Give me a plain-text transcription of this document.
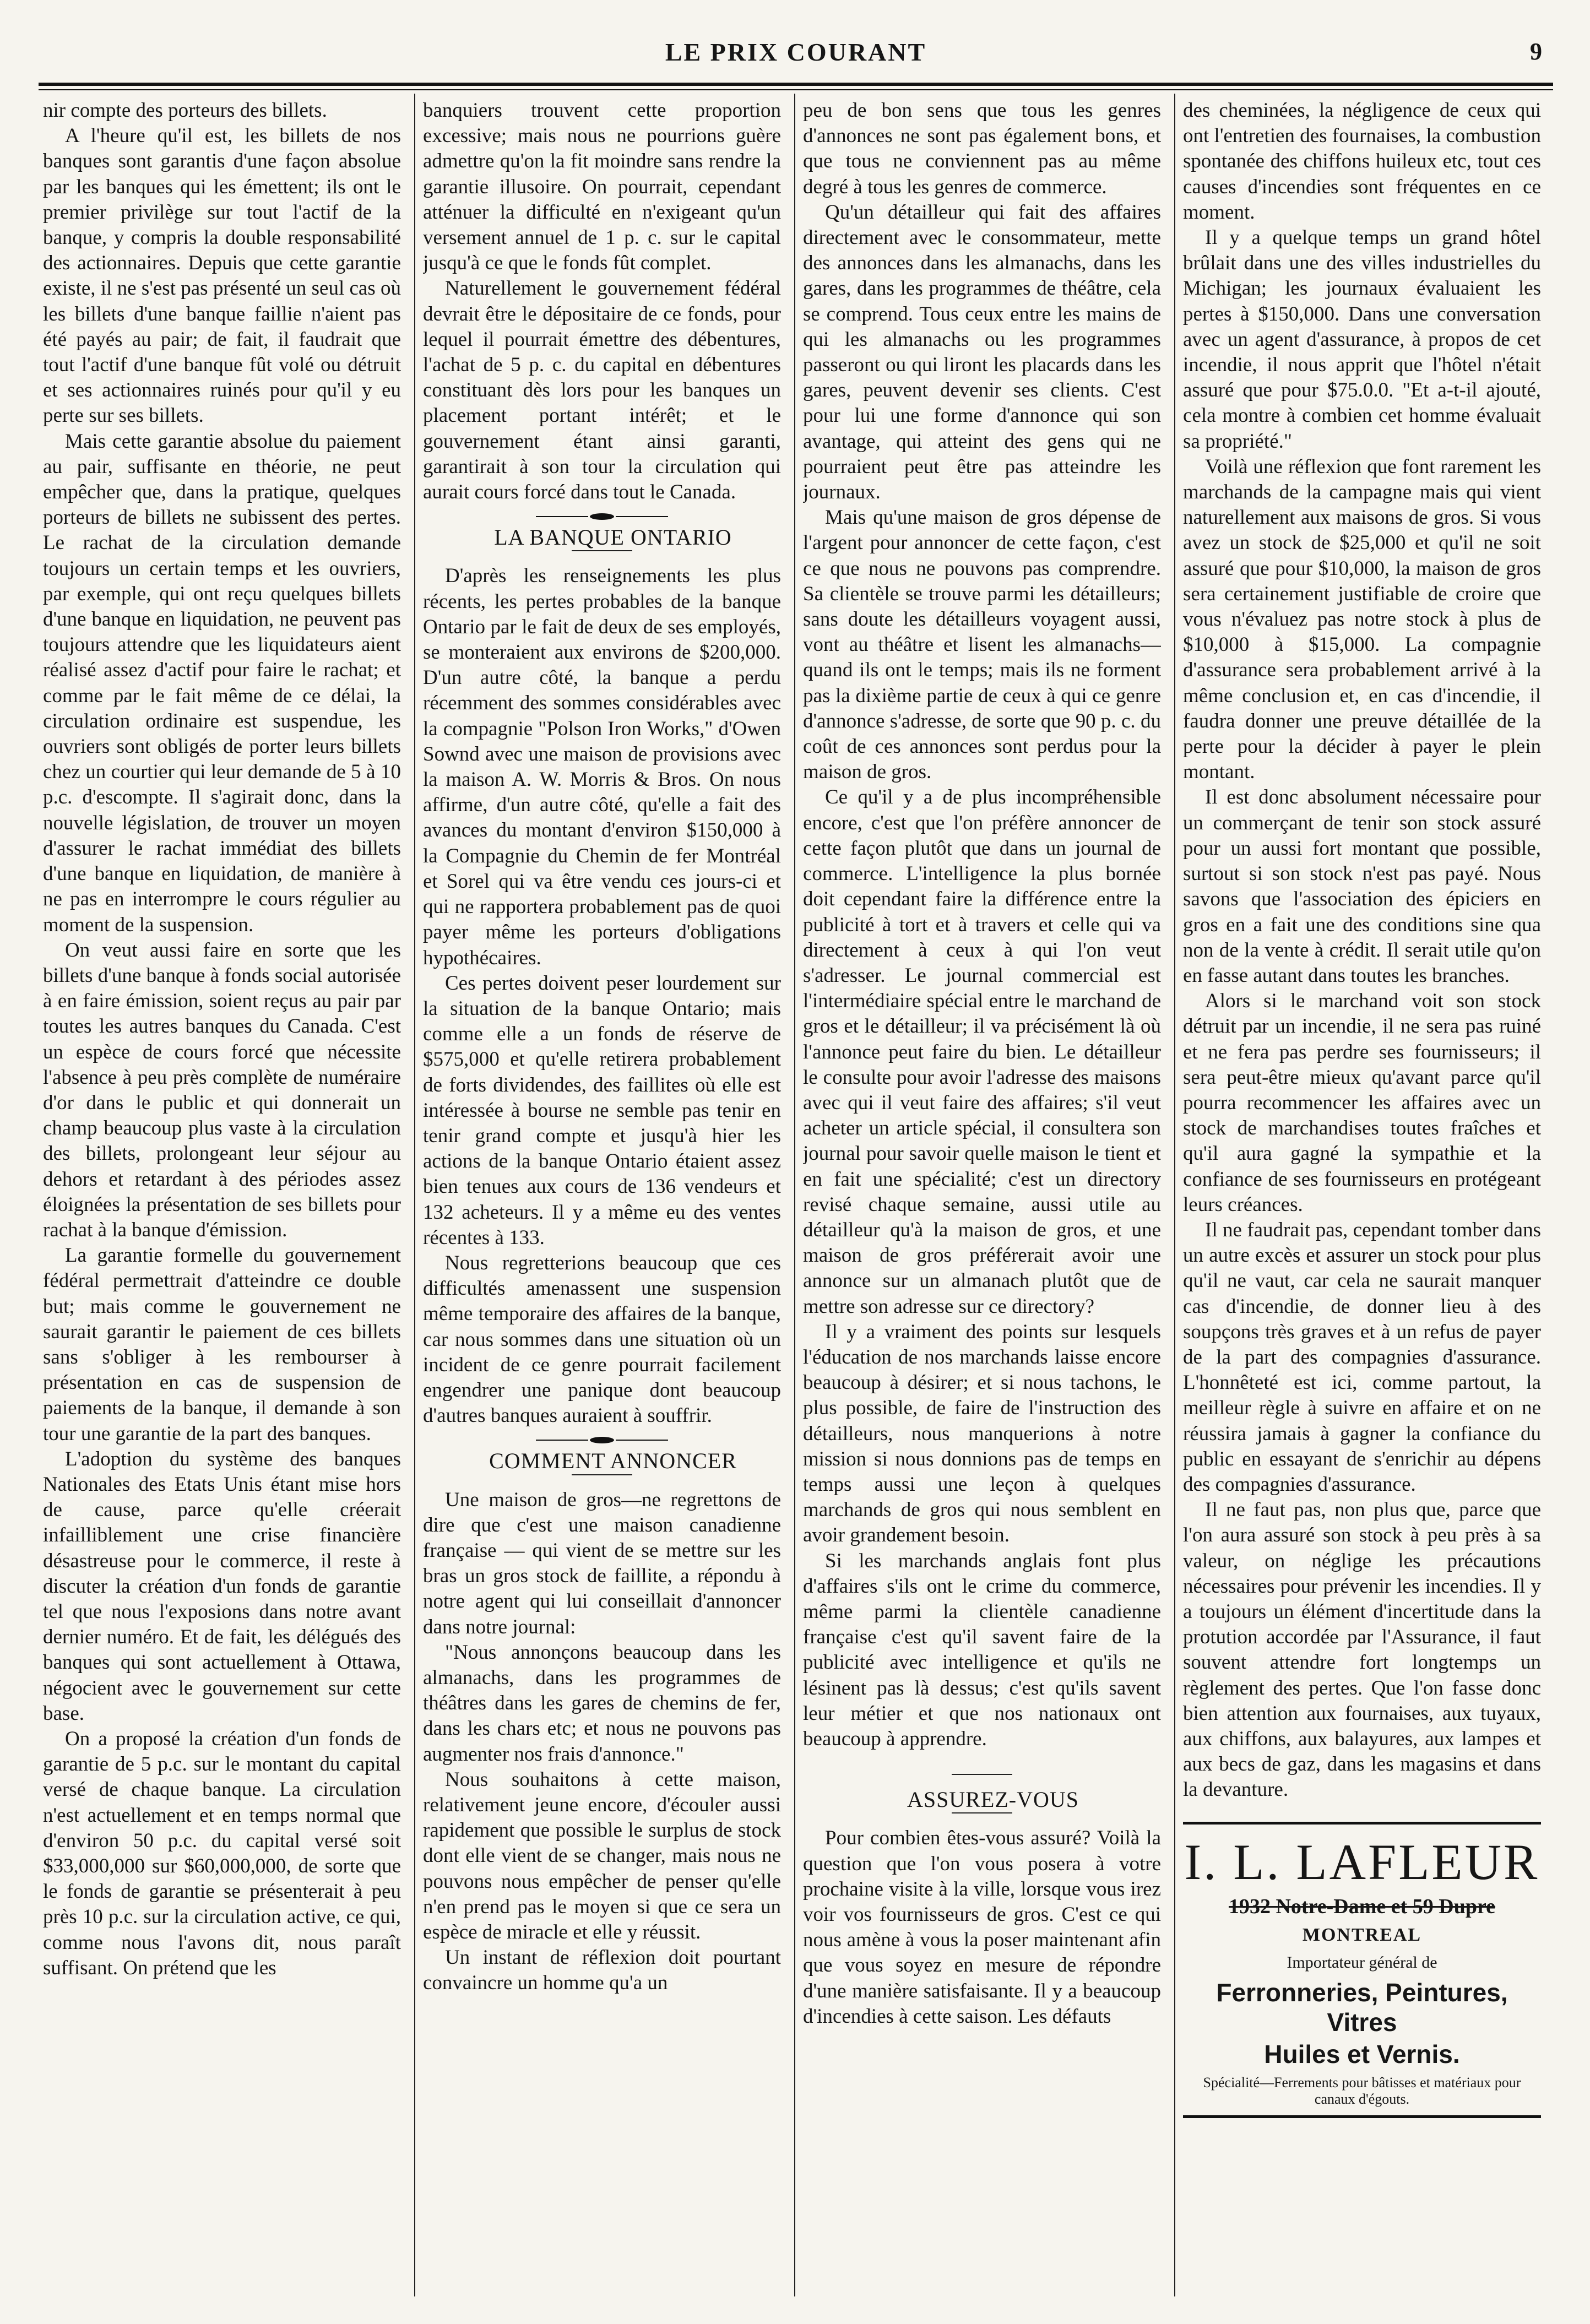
LE PRIX COURANT	9

nir compte des porteurs des billets.

A l'heure qu'il est, les billets de nos banques sont garantis d'une façon absolue par les banques qui les émettent; ils ont le premier privilège sur tout l'actif de la banque, y compris la double responsabilité des actionnaires. Depuis que cette garantie existe, il ne s'est pas présenté un seul cas où les billets d'une banque faillie n'aient pas été payés au pair; de fait, il faudrait que tout l'actif d'une banque fût volé ou détruit et ses actionnaires ruinés pour qu'il y eu perte sur ses billets.

Mais cette garantie absolue du paiement au pair, suffisante en théorie, ne peut empêcher que, dans la pratique, quelques porteurs de billets ne subissent des pertes. Le rachat de la circulation demande toujours un certain temps et les ouvriers, par exemple, qui ont reçu quelques billets d'une banque en liquidation, ne peuvent pas toujours attendre que les liquidateurs aient réalisé assez d'actif pour faire le rachat; et comme par le fait même de ce délai, la circulation ordinaire est suspendue, les ouvriers sont obligés de porter leurs billets chez un courtier qui leur demande de 5 à 10 p.c. d'escompte. Il s'agirait donc, dans la nouvelle législation, de trouver un moyen d'assurer le rachat immédiat des billets d'une banque en liquidation, de manière à ne pas en interrompre le cours régulier au moment de la suspension.

On veut aussi faire en sorte que les billets d'une banque à fonds social autorisée à en faire émission, soient reçus au pair par toutes les autres banques du Canada. C'est un espèce de cours forcé que nécessite l'absence à peu près complète de numéraire d'or dans le public et qui donnerait un champ beaucoup plus vaste à la circulation des billets, prolongeant leur séjour au dehors et retardant à des périodes assez éloignées la présentation de ses billets pour rachat à la banque d'émission.

La garantie formelle du gouvernement fédéral permettrait d'atteindre ce double but; mais comme le gouvernement ne saurait garantir le paiement de ces billets sans s'obliger à les rembourser à présentation en cas de suspension de paiements de la banque, il demande à son tour une garantie de la part des banques.

L'adoption du système des banques Nationales des Etats Unis étant mise hors de cause, parce qu'elle créerait infailliblement une crise financière désastreuse pour le commerce, il reste à discuter la création d'un fonds de garantie tel que nous l'exposions dans notre avant dernier numéro. Et de fait, les délégués des banques qui sont actuellement à Ottawa, négocient avec le gouvernement sur cette base.

On a proposé la création d'un fonds de garantie de 5 p.c. sur le montant du capital versé de chaque banque. La circulation n'est actuellement et en temps normal que d'environ 50 p.c. du capital versé soit $33,000,000 sur $60,000,000, de sorte que le fonds de garantie se présenterait à peu près 10 p.c. sur la circulation active, ce qui, comme nous l'avons dit, nous paraît suffisant. On prétend que les

banquiers trouvent cette proportion excessive; mais nous ne pourrions guère admettre qu'on la fit moindre sans rendre la garantie illusoire. On pourrait, cependant atténuer la difficulté en n'exigeant qu'un versement annuel de 1 p. c. sur le capital jusqu'à ce que le fonds fût complet.

Naturellement le gouvernement fédéral devrait être le dépositaire de ce fonds, pour lequel il pourrait émettre des débentures, l'achat de 5 p. c. du capital en débentures constituant dès lors pour les banques un placement portant intérêt; et le gouvernement étant ainsi garanti, garantirait à son tour la circulation qui aurait cours forcé dans tout le Canada.

LA BANQUE ONTARIO

D'après les renseignements les plus récents, les pertes probables de la banque Ontario par le fait de deux de ses employés, se monteraient aux environs de $200,000. D'un autre côté, la banque a perdu récemment des sommes considérables avec la compagnie "Polson Iron Works," d'Owen Sownd avec une maison de provisions avec la maison A. W. Morris & Bros. On nous affirme, d'un autre côté, qu'elle a fait des avances du montant d'environ $150,000 à la Compagnie du Chemin de fer Montréal et Sorel qui va être vendu ces jours-ci et qui ne rapportera probablement pas de quoi payer même les porteurs d'obligations hypothécaires.

Ces pertes doivent peser lourdement sur la situation de la banque Ontario; mais comme elle a un fonds de réserve de $575,000 et qu'elle retirera probablement de forts dividendes, des faillites où elle est intéressée à bourse ne semble pas tenir en tenir grand compte et jusqu'à hier les actions de la banque Ontario étaient assez bien tenues aux cours de 136 vendeurs et 132 acheteurs. Il y a même eu des ventes récentes à 133.

Nous regretterions beaucoup que ces difficultés amenassent une suspension même temporaire des affaires de la banque, car nous sommes dans une situation où un incident de ce genre pourrait facilement engendrer une panique dont beaucoup d'autres banques auraient à souffrir.

COMMENT ANNONCER

Une maison de gros—ne regrettons de dire que c'est une maison canadienne française — qui vient de se mettre sur les bras un gros stock de faillite, a répondu à notre agent qui lui conseillait d'annoncer dans notre journal:

"Nous annonçons beaucoup dans les almanachs, dans les programmes de théâtres dans les gares de chemins de fer, dans les chars etc; et nous ne pouvons pas augmenter nos frais d'annonce."

Nous souhaitons à cette maison, relativement jeune encore, d'écouler aussi rapidement que possible le surplus de stock dont elle vient de se changer, mais nous ne pouvons nous empêcher de penser qu'elle n'en prend pas le moyen si que ce sera un espèce de miracle et elle y réussit.

Un instant de réflexion doit pourtant convaincre un homme qu'a un

peu de bon sens que tous les genres d'annonces ne sont pas également bons, et que tous ne conviennent pas au même degré à tous les genres de commerce.

Qu'un détailleur qui fait des affaires directement avec le consommateur, mette des annonces dans les almanachs, dans les gares, dans les programmes de théâtre, cela se comprend. Tous ceux entre les mains de qui les almanachs ou les programmes passeront ou qui liront les placards dans les gares, peuvent devenir ses clients. C'est pour lui une forme d'annonce qui son avantage, qui atteint des gens qui ne pourraient peut être pas atteindre les journaux.

Mais qu'une maison de gros dépense de l'argent pour annoncer de cette façon, c'est ce que nous ne pouvons pas comprendre. Sa clientèle se trouve parmi les détailleurs; sans doute les détailleurs voyagent aussi, vont au théâtre et lisent les almanachs—quand ils ont le temps; mais ils ne forment pas la dixième partie de ceux à qui ce genre d'annonce s'adresse, de sorte que 90 p. c. du coût de ces annonces sont perdus pour la maison de gros.

Ce qu'il y a de plus incompréhensible encore, c'est que l'on préfère annoncer de cette façon plutôt que dans un journal de commerce. L'intelligence la plus bornée doit cependant faire la différence entre la publicité à tort et à travers et celle qui va directement à ceux à qui l'on veut s'adresser. Le journal commercial est l'intermédiaire spécial entre le marchand de gros et le détailleur; il va précisément là où l'annonce peut faire du bien. Le détailleur le consulte pour avoir l'adresse des maisons avec qui il veut faire des affaires; s'il veut acheter un article spécial, il consultera son journal pour savoir quelle maison le tient et en fait une spécialité; c'est un directory revisé chaque semaine, aussi utile au détailleur qu'à la maison de gros, et une maison de gros préférerait avoir une annonce sur un almanach plutôt que de mettre son adresse sur ce directory?

Il y a vraiment des points sur lesquels l'éducation de nos marchands laisse encore beaucoup à désirer; et si nous tachons, le plus possible, de faire de l'instruction des détailleurs, nous manquerions à notre mission si nous donnions pas de temps en temps aussi une leçon à quelques marchands de gros qui nous semblent en avoir grandement besoin.

Si les marchands anglais font plus d'affaires s'ils ont le crime du commerce, même parmi la clientèle canadienne française c'est qu'il savent faire de la publicité avec intelligence et qu'ils ne lésinent pas là dessus; c'est qu'ils savent leur métier et que nos nationaux ont beaucoup à apprendre.

ASSUREZ-VOUS

Pour combien êtes-vous assuré? Voilà la question que l'on vous posera à votre prochaine visite à la ville, lorsque vous irez voir vos fournisseurs de gros. C'est ce qui nous amène à vous la poser maintenant afin que vous soyez en mesure de répondre d'une manière satisfaisante. Il y a beaucoup d'incendies à cette saison. Les défauts

des cheminées, la négligence de ceux qui ont l'entretien des fournaises, la combustion spontanée des chiffons huileux etc, tout ces causes d'incendies sont fréquentes en ce moment.

Il y a quelque temps un grand hôtel brûlait dans une des villes industrielles du Michigan; les journaux évaluaient les pertes à $150,000. Dans une conversation avec un agent d'assurance, à propos de cet incendie, il nous apprit que l'hôtel n'était assuré que pour $75.0.0. "Et a-t-il ajouté, cela montre à combien cet homme évaluait sa propriété."

Voilà une réflexion que font rarement les marchands de la campagne mais qui vient naturellement aux maisons de gros. Si vous avez un stock de $25,000 et qu'il ne soit assuré que pour $10,000, la maison de gros sera certainement justifiable de croire que vous n'évaluez pas notre stock à plus de $10,000 à $15,000. La compagnie d'assurance sera probablement arrivé à la même conclusion et, en cas d'incendie, il faudra donner une preuve détaillée de la perte pour la décider à payer le plein montant.

Il est donc absolument nécessaire pour un commerçant de tenir son stock assuré pour un aussi fort montant que possible, surtout si son stock n'est pas payé. Nous savons que l'association des épiciers en gros en a fait une des conditions sine qua non de la vente à crédit. Il serait utile qu'on en fasse autant dans toutes les branches.

Alors si le marchand voit son stock détruit par un incendie, il ne sera pas ruiné et ne fera pas perdre ses fournisseurs; il sera peut-être mieux qu'avant parce qu'il pourra recommencer les affaires avec un stock de marchandises toutes fraîches et qu'il aura gagné la sympathie et la confiance de ses fournisseurs en protégeant leurs créances.

Il ne faudrait pas, cependant tomber dans un autre excès et assurer un stock pour plus qu'il ne vaut, car cela ne saurait manquer cas d'incendie, de donner lieu à des soupçons très graves et à un refus de payer de la part des compagnies d'assurance. L'honnêteté est ici, comme partout, la meilleur règle à suivre en affaire et on ne réussira jamais à gagner la confiance du public en essayant de s'enrichir au dépens des compagnies d'assurance.

Il ne faut pas, non plus que, parce que l'on aura assuré son stock à peu près à sa valeur, on néglige les précautions nécessaires pour prévenir les incendies. Il y a toujours un élément d'incertitude dans la protution accordée par l'Assurance, il faut souvent attendre fort longtemps un règlement des pertes. Que l'on fasse donc bien attention aux fournaises, aux tuyaux, aux chiffons, aux balayures, aux lampes et aux becs de gaz, dans les magasins et dans la devanture.

I. L. LAFLEUR
1932 Notre-Dame et 59 Dupre
MONTREAL
Importateur général de
Ferronneries, Peintures, Vitres
Huiles et Vernis.
Spécialité—Ferrements pour bâtisses et matériaux pour canaux d'égouts.
